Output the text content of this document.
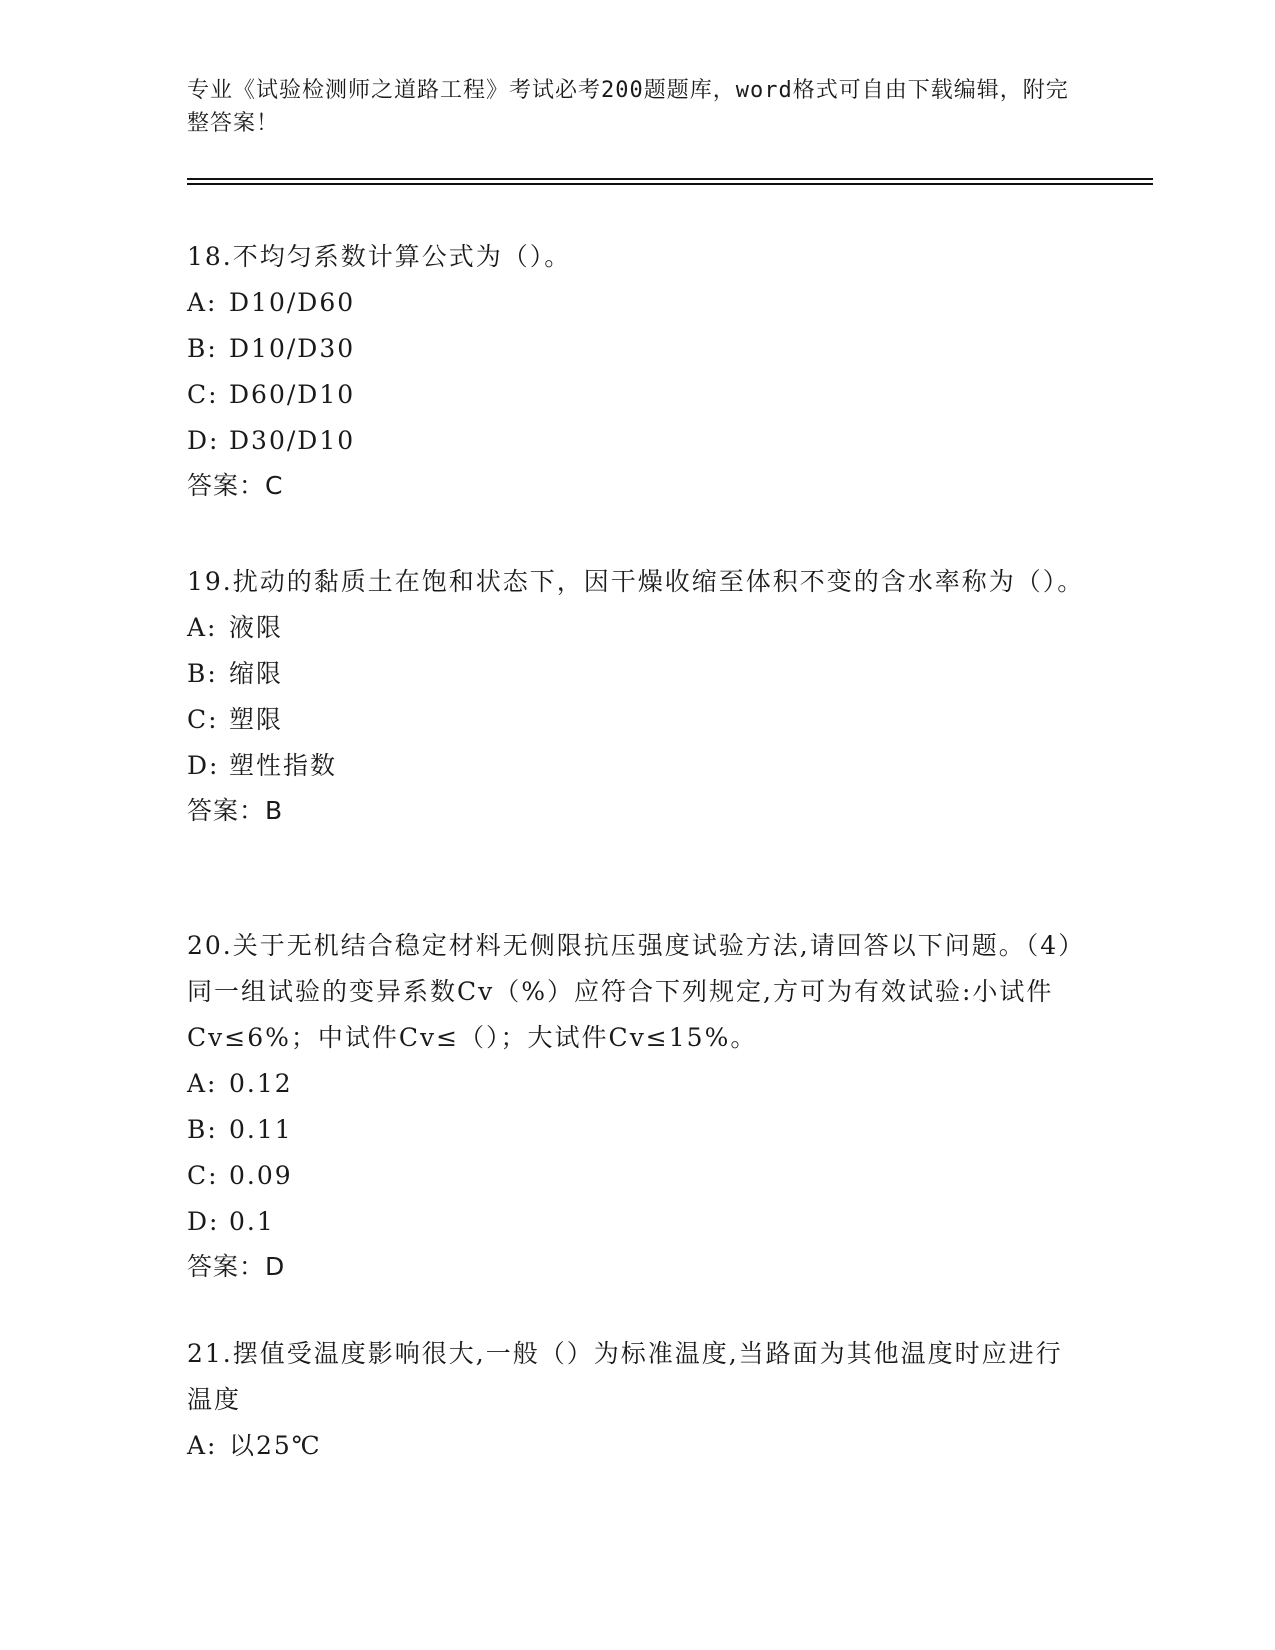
专业《试验检测师之道路工程》考试必考200题题库，word格式可自由下载编辑，附完整答案！

18.不均匀系数计算公式为（）。

A: D10/D60

B: D10/D30

C: D60/D10

D: D30/D10

答案：C

19.扰动的黏质土在饱和状态下，因干燥收缩至体积不变的含水率称为（）。

A: 液限

B: 缩限

C: 塑限

D: 塑性指数

答案：B

20.关于无机结合稳定材料无侧限抗压强度试验方法,请回答以下问题。（4）同一组试验的变异系数Cv（%）应符合下列规定,方可为有效试验:小试件Cv≤6%；中试件Cv≤（）；大试件Cv≤15%。

A: 0.12

B: 0.11

C: 0.09

D: 0.1

答案：D

21.摆值受温度影响很大,一般（）为标准温度,当路面为其他温度时应进行温度

A: 以25℃
